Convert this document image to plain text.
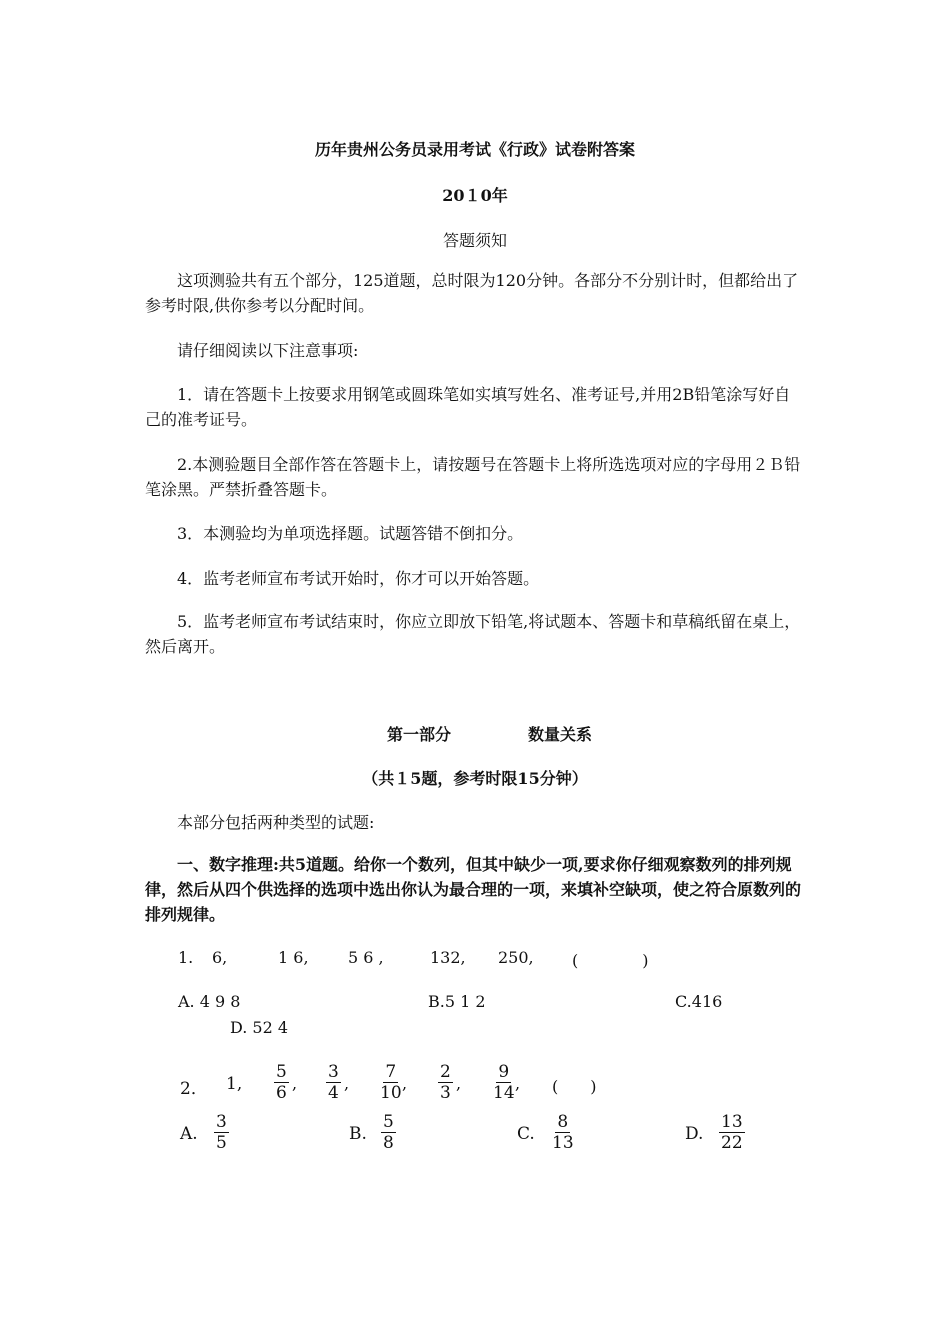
历年贵州公务员录用考试《行政》试卷附答案
20１0年
答题须知
这项测验共有五个部分，125道题，总时限为120分钟。各部分不分别计时，但都给出了参考时限,供你参考以分配时间。
请仔细阅读以下注意事项:
1．请在答题卡上按要求用钢笔或圆珠笔如实填写姓名、准考证号,并用2B铅笔涂写好自己的准考证号。
2.本测验题目全部作答在答题卡上，请按题号在答题卡上将所选选项对应的字母用２Ｂ铅笔涂黑。严禁折叠答题卡。
3．本测验均为单项选择题。试题答错不倒扣分。
4．监考老师宣布考试开始时，你才可以开始答题。
5．监考老师宣布考试结束时，你应立即放下铅笔,将试题本、答题卡和草稿纸留在桌上，然后离开。
第一部分	数量关系
（共１5题，参考时限15分钟）
本部分包括两种类型的试题:
一、数字推理:共5道题。给你一个数列，但其中缺少一项,要求你仔细观察数列的排列规律，然后从四个供选择的选项中选出你认为最合理的一项，来填补空缺项，使之符合原数列的排列规律。
1. 6,	1 6, 5 6 ,	132, 250, (　　　　)
A. 4 9 8	B.5 1 2	C.416
D. 52 4
2． 1, $\frac{5}{6}$ , $\frac{3}{4}$ , $\frac{7}{10}$
, $\frac{2}{3}$ , $\frac{9}{14}$
, (　　)
A. $\frac{3}{5}$	B. $\frac{5}{8}$	C. $\frac{8}{13}$	D. $\frac{13}{22}$
